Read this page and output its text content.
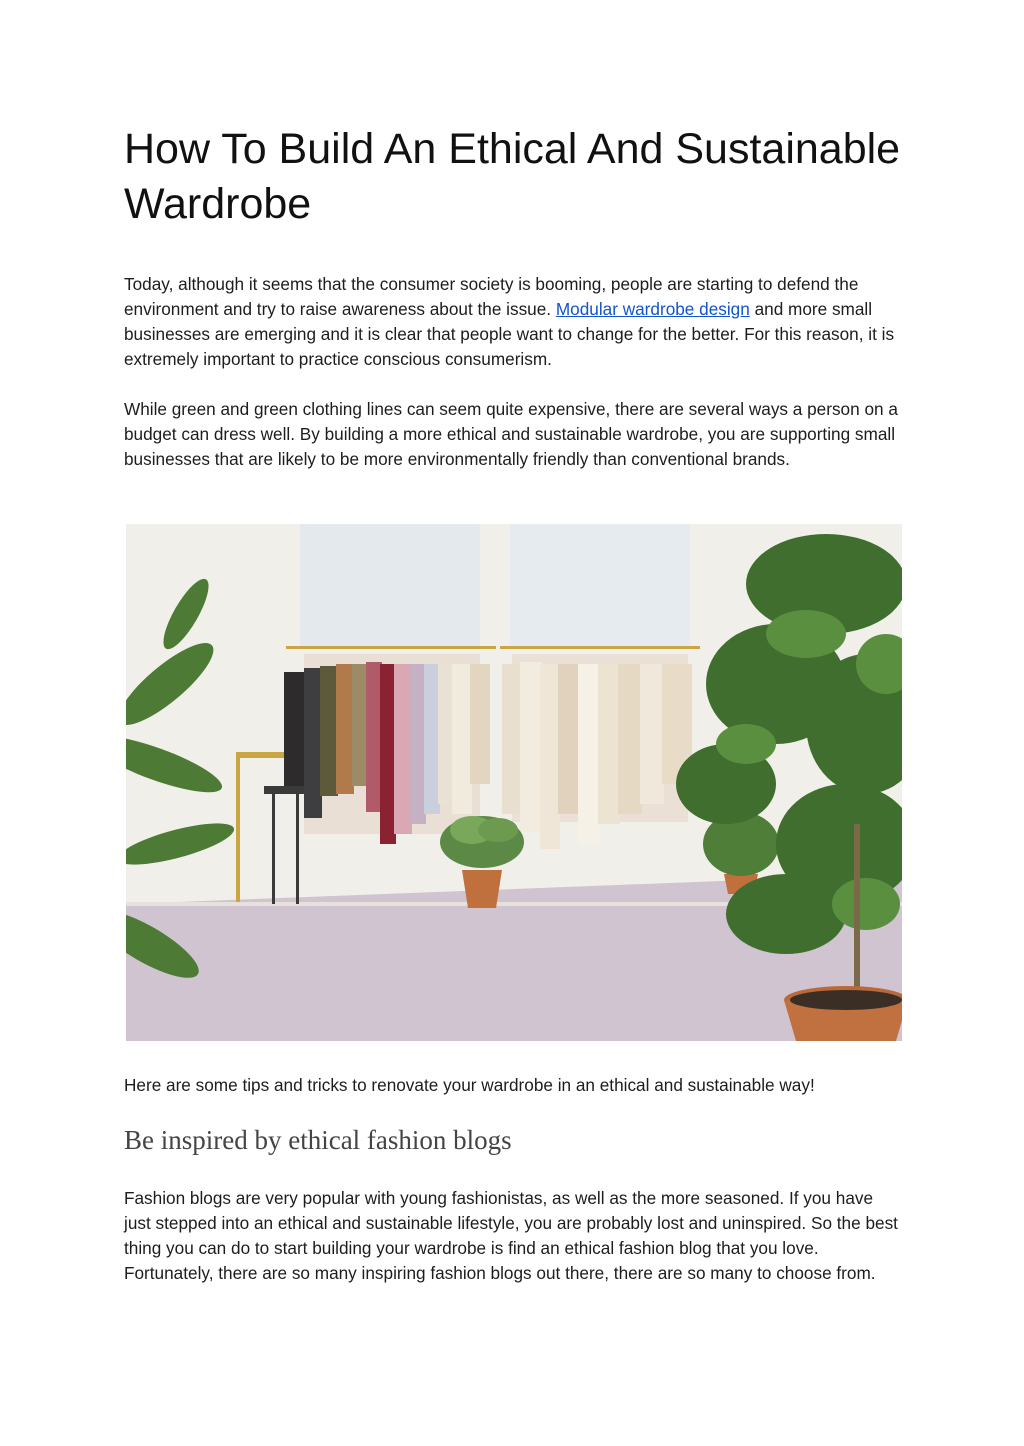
How To Build An Ethical And Sustainable Wardrobe

Today, although it seems that the consumer society is booming, people are starting to defend the environment and try to raise awareness about the issue. Modular wardrobe design and more small businesses are emerging and it is clear that people want to change for the better. For this reason, it is extremely important to practice conscious consumerism.

While green and green clothing lines can seem quite expensive, there are several ways a person on a budget can dress well. By building a more ethical and sustainable wardrobe, you are supporting small businesses that are likely to be more environmentally friendly than conventional brands.

Here are some tips and tricks to renovate your wardrobe in an ethical and sustainable way!

Be inspired by ethical fashion blogs

Fashion blogs are very popular with young fashionistas, as well as the more seasoned. If you have just stepped into an ethical and sustainable lifestyle, you are probably lost and uninspired. So the best thing you can do to start building your wardrobe is find an ethical fashion blog that you love. Fortunately, there are so many inspiring fashion blogs out there, there are so many to choose from.
